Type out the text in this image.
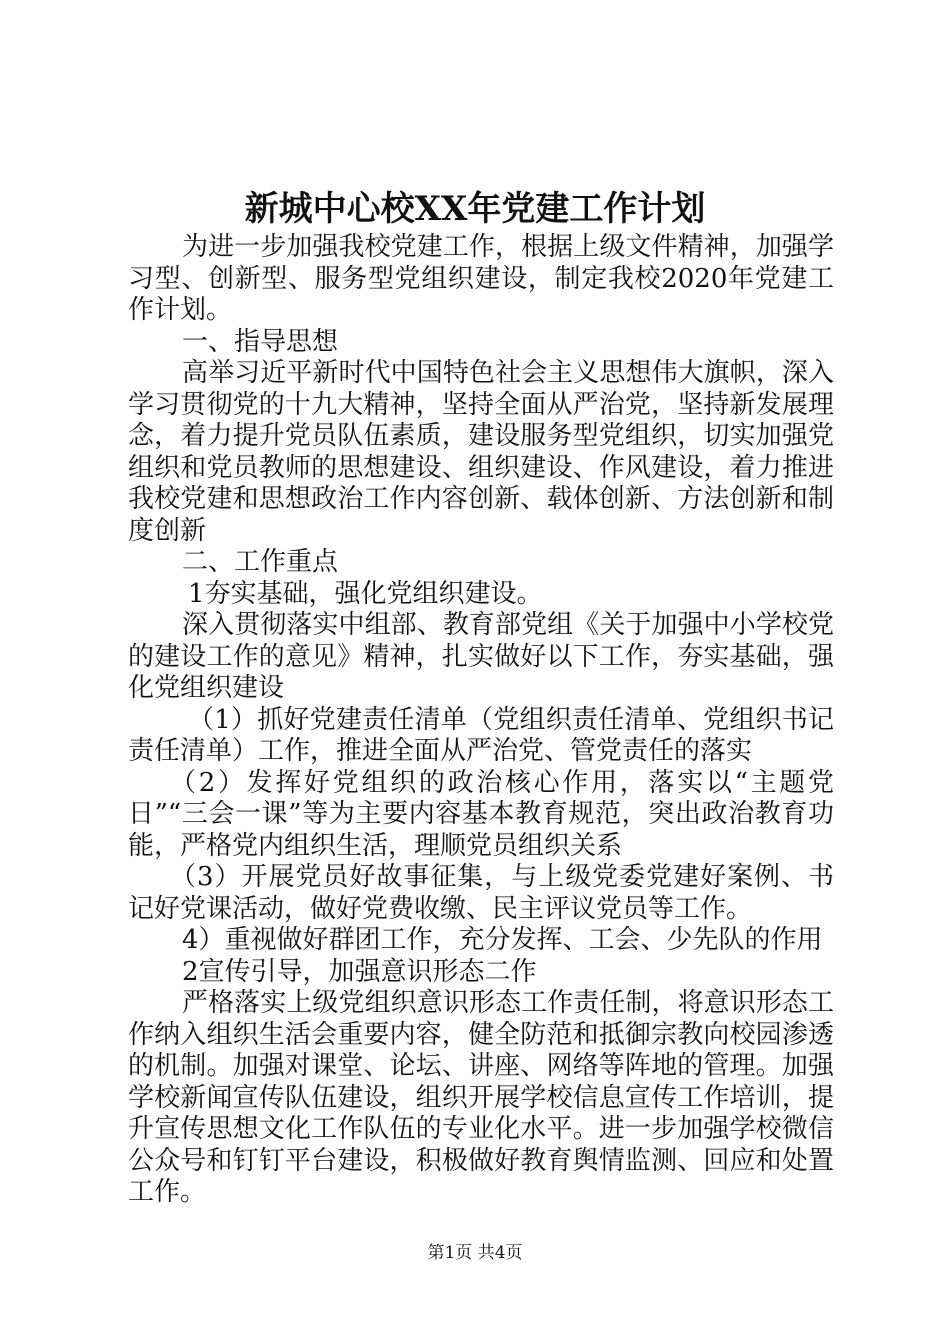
新城中心校XX年党建工作计划

为进一步加强我校党建工作，根据上级文件精神，加强学习型、创新型、服务型党组织建设，制定我校2020年党建工作计划。

一、指导思想

高举习近平新时代中国特色社会主义思想伟大旗帜，深入学习贯彻党的十九大精神，坚持全面从严治党，坚持新发展理念，着力提升党员队伍素质，建设服务型党组织，切实加强党组织和党员教师的思想建设、组织建设、作风建设，着力推进我校党建和思想政治工作内容创新、载体创新、方法创新和制度创新

二、工作重点

1夯实基础，强化党组织建设。

深入贯彻落实中组部、教育部党组《关于加强中小学校党的建设工作的意见》精神，扎实做好以下工作，夯实基础，强化党组织建设

（1）抓好党建责任清单（党组织责任清单、党组织书记责任清单）工作，推进全面从严治党、管党责任的落实

（2）发挥好党组织的政治核心作用，落实以“主题党日”“三会一课”等为主要内容基本教育规范，突出政治教育功能，严格党内组织生活，理顺党员组织关系

（3）开展党员好故事征集，与上级党委党建好案例、书记好党课活动，做好党费收缴、民主评议党员等工作。

4）重视做好群团工作，充分发挥、工会、少先队的作用

2宣传引导，加强意识形态二作

严格落实上级党组织意识形态工作责任制，将意识形态工作纳入组织生活会重要内容，健全防范和抵御宗教向校园渗透的机制。加强对课堂、论坛、讲座、网络等阵地的管理。加强学校新闻宣传队伍建设，组织开展学校信息宣传工作培训，提升宣传思想文化工作队伍的专业化水平。进一步加强学校微信公众号和钉钉平台建设，积极做好教育舆情监测、回应和处置工作。

第1页 共4页
